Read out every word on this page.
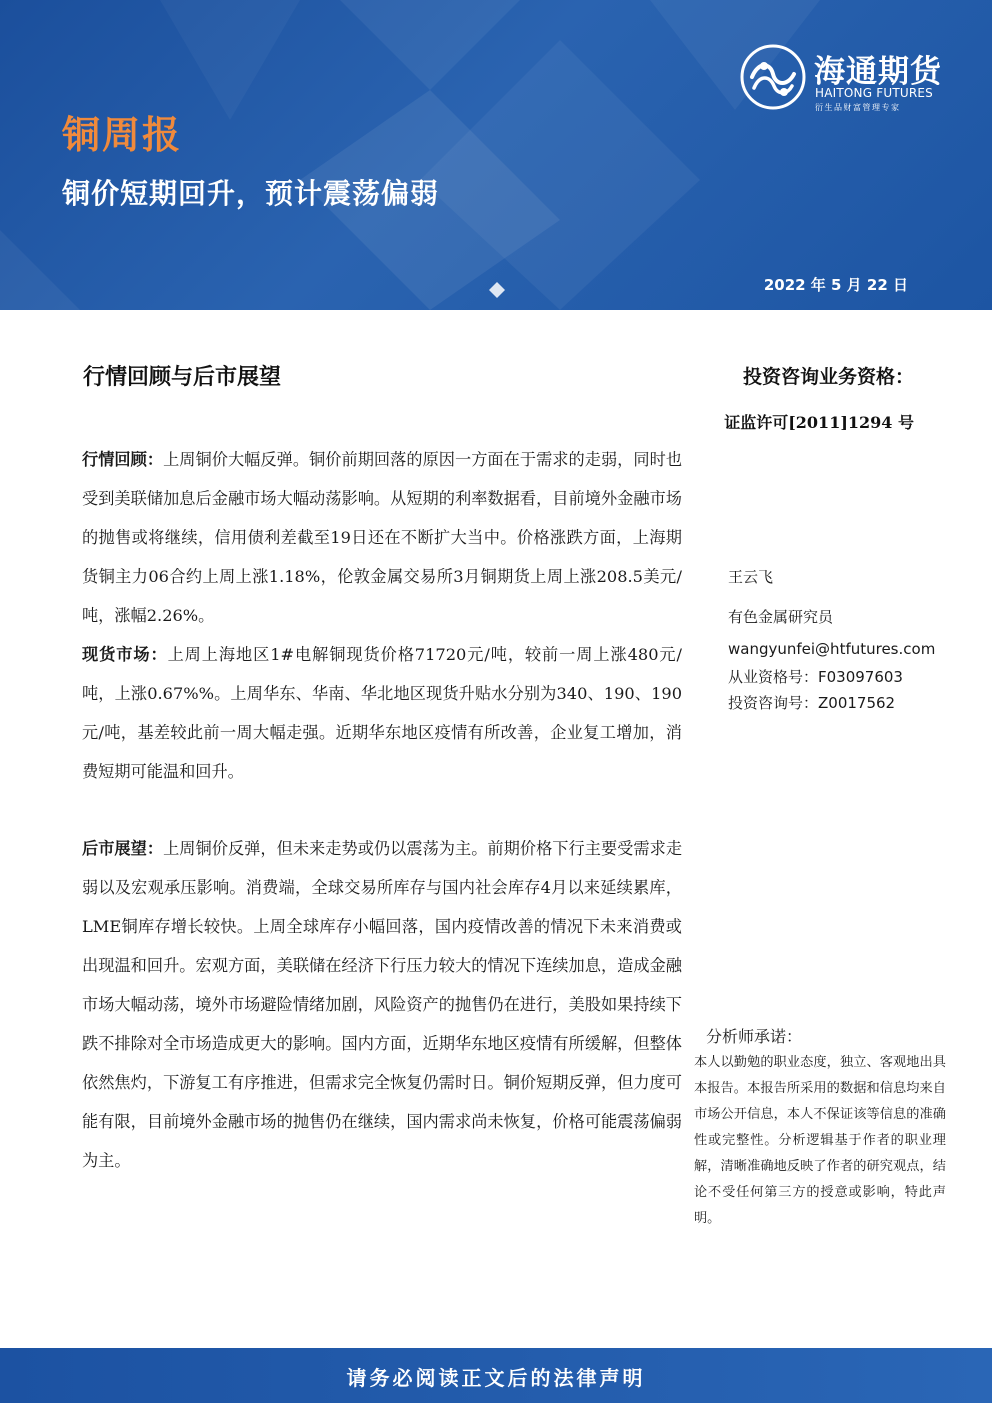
海通期货
HAITONG FUTURES
衍生品财富管理专家
铜周报
铜价短期回升，预计震荡偏弱
2022 年 5 月 22 日
行情回顾与后市展望

行情回顾：上周铜价大幅反弹。铜价前期回落的原因一方面在于需求的走弱，同时也受到美联储加息后金融市场大幅动荡影响。从短期的利率数据看，目前境外金融市场的抛售或将继续，信用债利差截至19日还在不断扩大当中。价格涨跌方面，上海期货铜主力06合约上周上涨1.18%，伦敦金属交易所3月铜期货上周上涨208.5美元/吨，涨幅2.26%。

现货市场：上周上海地区1#电解铜现货价格71720元/吨，较前一周上涨480元/吨，上涨0.67%%。上周华东、华南、华北地区现货升贴水分别为340、190、190元/吨，基差较此前一周大幅走强。近期华东地区疫情有所改善，企业复工增加，消费短期可能温和回升。

后市展望：上周铜价反弹，但未来走势或仍以震荡为主。前期价格下行主要受需求走弱以及宏观承压影响。消费端，全球交易所库存与国内社会库存4月以来延续累库，LME铜库存增长较快。上周全球库存小幅回落，国内疫情改善的情况下未来消费或出现温和回升。宏观方面，美联储在经济下行压力较大的情况下连续加息，造成金融市场大幅动荡，境外市场避险情绪加剧，风险资产的抛售仍在进行，美股如果持续下跌不排除对全市场造成更大的影响。国内方面，近期华东地区疫情有所缓解，但整体依然焦灼，下游复工有序推进，但需求完全恢复仍需时日。铜价短期反弹，但力度可能有限，目前境外金融市场的抛售仍在继续，国内需求尚未恢复，价格可能震荡偏弱为主。

投资咨询业务资格：
证监许可[2011]1294 号
王云飞
有色金属研究员
wangyunfei@htfutures.com
从业资格号：F03097603
投资咨询号：Z0017562
分析师承诺：
本人以勤勉的职业态度，独立、客观地出具本报告。本报告所采用的数据和信息均来自市场公开信息，本人不保证该等信息的准确性或完整性。分析逻辑基于作者的职业理解，清晰准确地反映了作者的研究观点，结论不受任何第三方的授意或影响，特此声明。
请务必阅读正文后的法律声明
